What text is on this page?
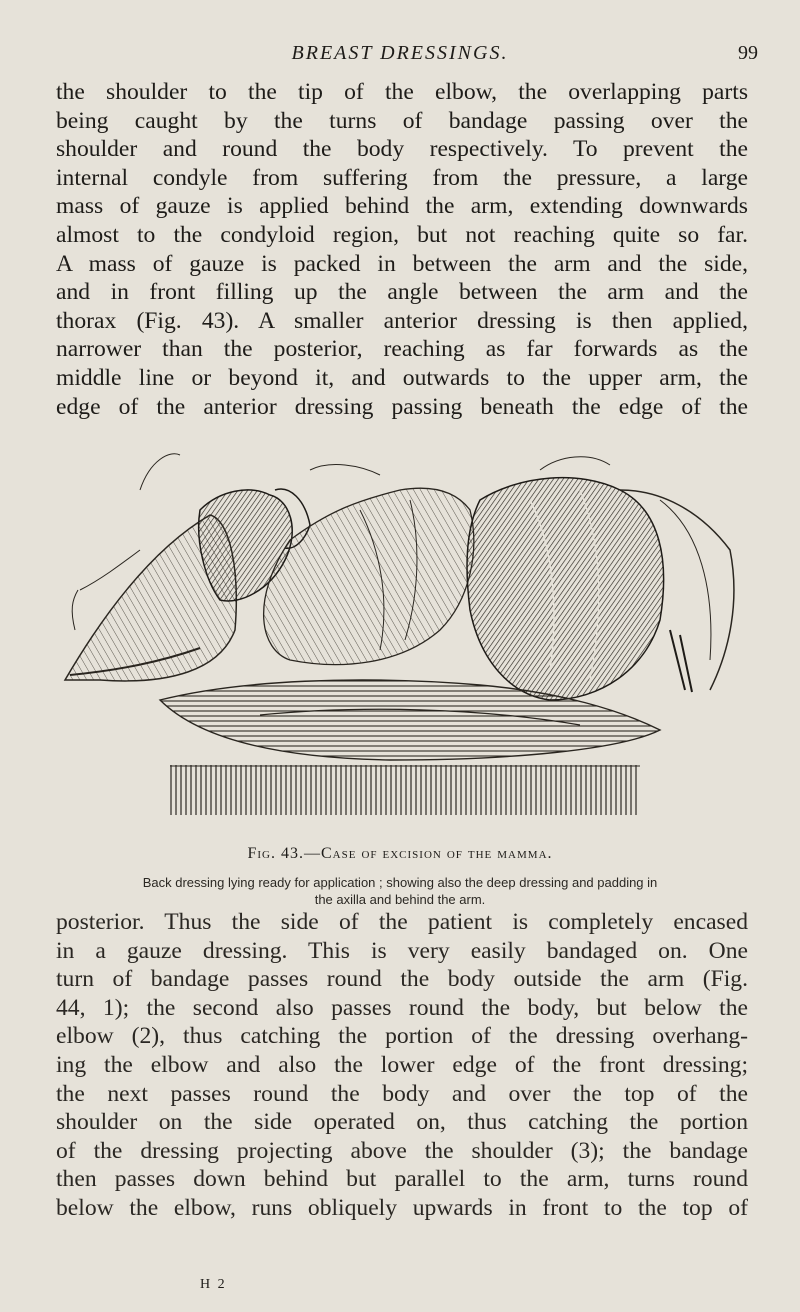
BREAST DRESSINGS.	99
the shoulder to the tip of the elbow, the overlapping parts
being caught by the turns of bandage passing over the
shoulder and round the body respectively. To prevent the
internal condyle from suffering from the pressure, a large
mass of gauze is applied behind the arm, extending downwards
almost to the condyloid region, but not reaching quite so far.
A mass of gauze is packed in between the arm and the side,
and in front filling up the angle between the arm and the
thorax (Fig. 43). A smaller anterior dressing is then applied,
narrower than the posterior, reaching as far forwards as the
middle line or beyond it, and outwards to the upper arm, the
edge of the anterior dressing passing beneath the edge of the
Fig. 43.—Case of excision of the mamma.
Back dressing lying ready for application ; showing also the deep dressing and padding in
the axilla and behind the arm.
posterior. Thus the side of the patient is completely encased
in a gauze dressing. This is very easily bandaged on. One
turn of bandage passes round the body outside the arm (Fig.
44, 1); the second also passes round the body, but below the
elbow (2), thus catching the portion of the dressing overhang-
ing the elbow and also the lower edge of the front dressing;
the next passes round the body and over the top of the
shoulder on the side operated on, thus catching the portion
of the dressing projecting above the shoulder (3); the bandage
then passes down behind but parallel to the arm, turns round
below the elbow, runs obliquely upwards in front to the top of
H 2
